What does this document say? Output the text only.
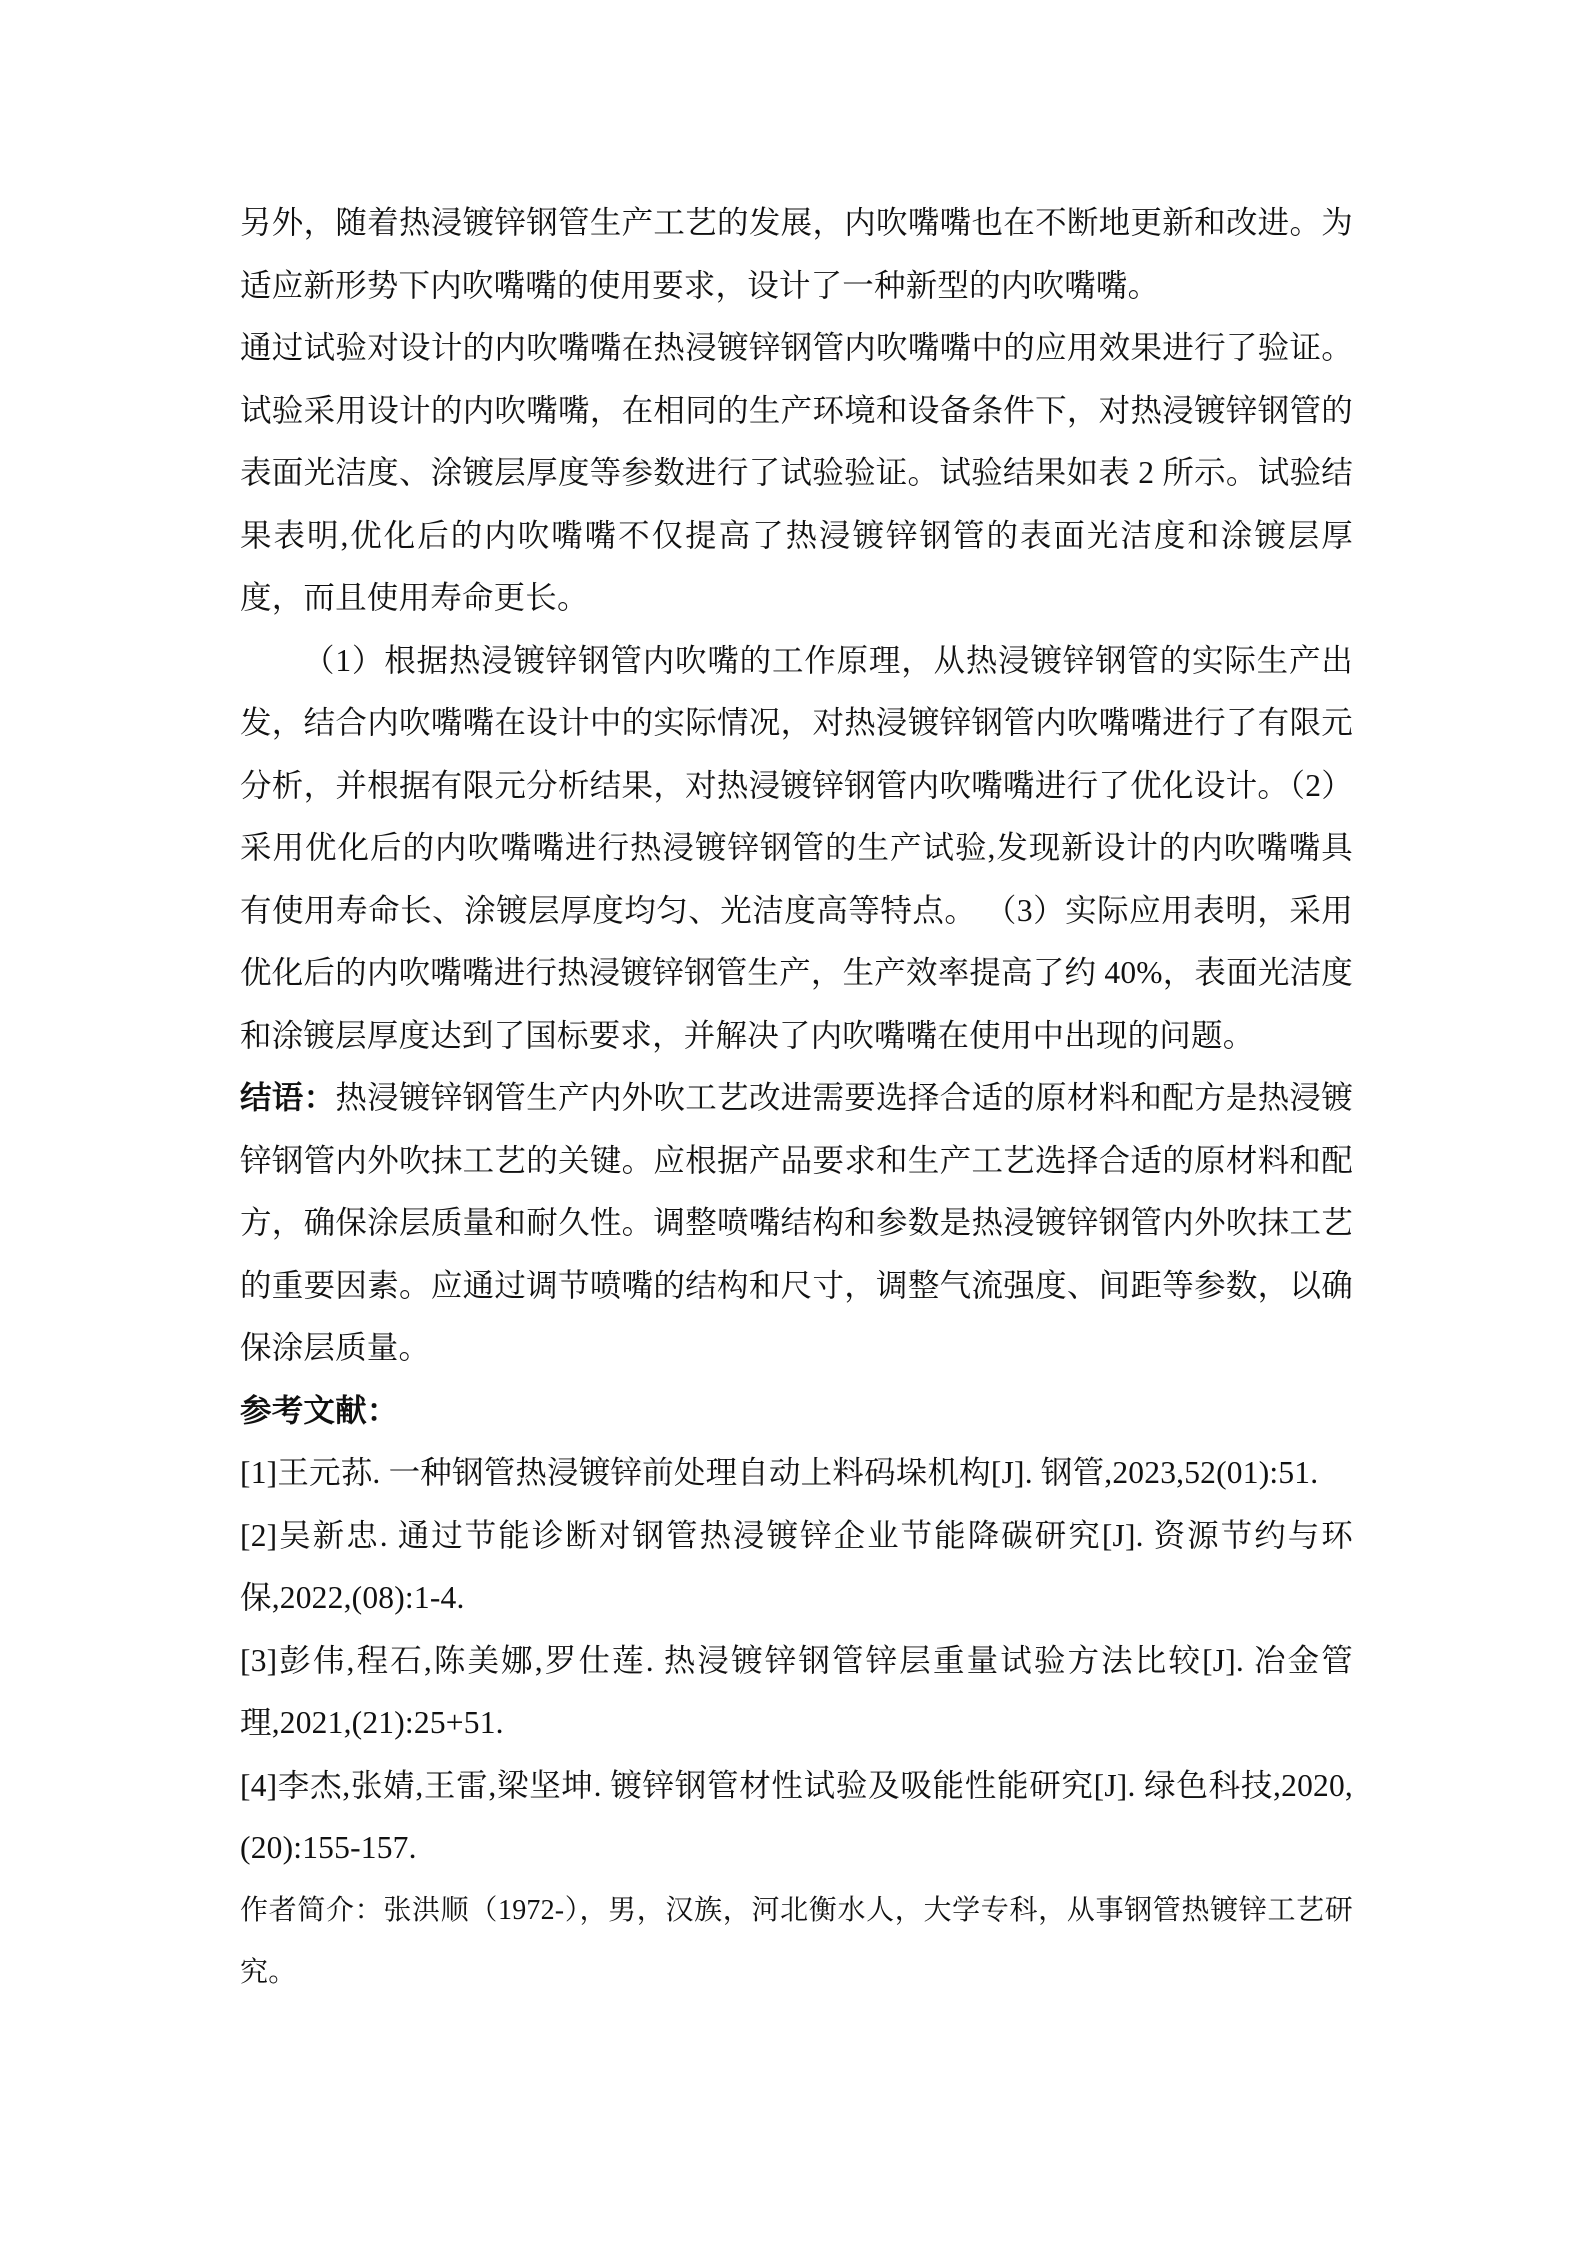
另外，随着热浸镀锌钢管生产工艺的发展，内吹嘴嘴也在不断地更新和改进。为适应新形势下内吹嘴嘴的使用要求，设计了一种新型的内吹嘴嘴。

通过试验对设计的内吹嘴嘴在热浸镀锌钢管内吹嘴嘴中的应用效果进行了验证。试验采用设计的内吹嘴嘴，在相同的生产环境和设备条件下，对热浸镀锌钢管的表面光洁度、涂镀层厚度等参数进行了试验验证。试验结果如表 2 所示。试验结果表明,优化后的内吹嘴嘴不仅提高了热浸镀锌钢管的表面光洁度和涂镀层厚度，而且使用寿命更长。

（1）根据热浸镀锌钢管内吹嘴的工作原理，从热浸镀锌钢管的实际生产出发，结合内吹嘴嘴在设计中的实际情况，对热浸镀锌钢管内吹嘴嘴进行了有限元分析，并根据有限元分析结果，对热浸镀锌钢管内吹嘴嘴进行了优化设计。（2）采用优化后的内吹嘴嘴进行热浸镀锌钢管的生产试验,发现新设计的内吹嘴嘴具有使用寿命长、涂镀层厚度均匀、光洁度高等特点。 （3）实际应用表明，采用优化后的内吹嘴嘴进行热浸镀锌钢管生产，生产效率提高了约 40%，表面光洁度和涂镀层厚度达到了国标要求，并解决了内吹嘴嘴在使用中出现的问题。

结语：热浸镀锌钢管生产内外吹工艺改进需要选择合适的原材料和配方是热浸镀锌钢管内外吹抹工艺的关键。应根据产品要求和生产工艺选择合适的原材料和配方，确保涂层质量和耐久性。调整喷嘴结构和参数是热浸镀锌钢管内外吹抹工艺的重要因素。应通过调节喷嘴的结构和尺寸，调整气流强度、间距等参数，以确保涂层质量。

参考文献：

[1]王元荪. 一种钢管热浸镀锌前处理自动上料码垛机构[J]. 钢管,2023,52(01):51.

[2]吴新忠. 通过节能诊断对钢管热浸镀锌企业节能降碳研究[J]. 资源节约与环保,2022,(08):1-4.

[3]彭伟,程石,陈美娜,罗仕莲. 热浸镀锌钢管锌层重量试验方法比较[J]. 冶金管理,2021,(21):25+51.

[4]李杰,张婧,王雷,梁坚坤. 镀锌钢管材性试验及吸能性能研究[J]. 绿色科技,2020,(20):155-157.

作者简介：张洪顺（1972-），男，汉族，河北衡水人，大学专科，从事钢管热镀锌工艺研究。
